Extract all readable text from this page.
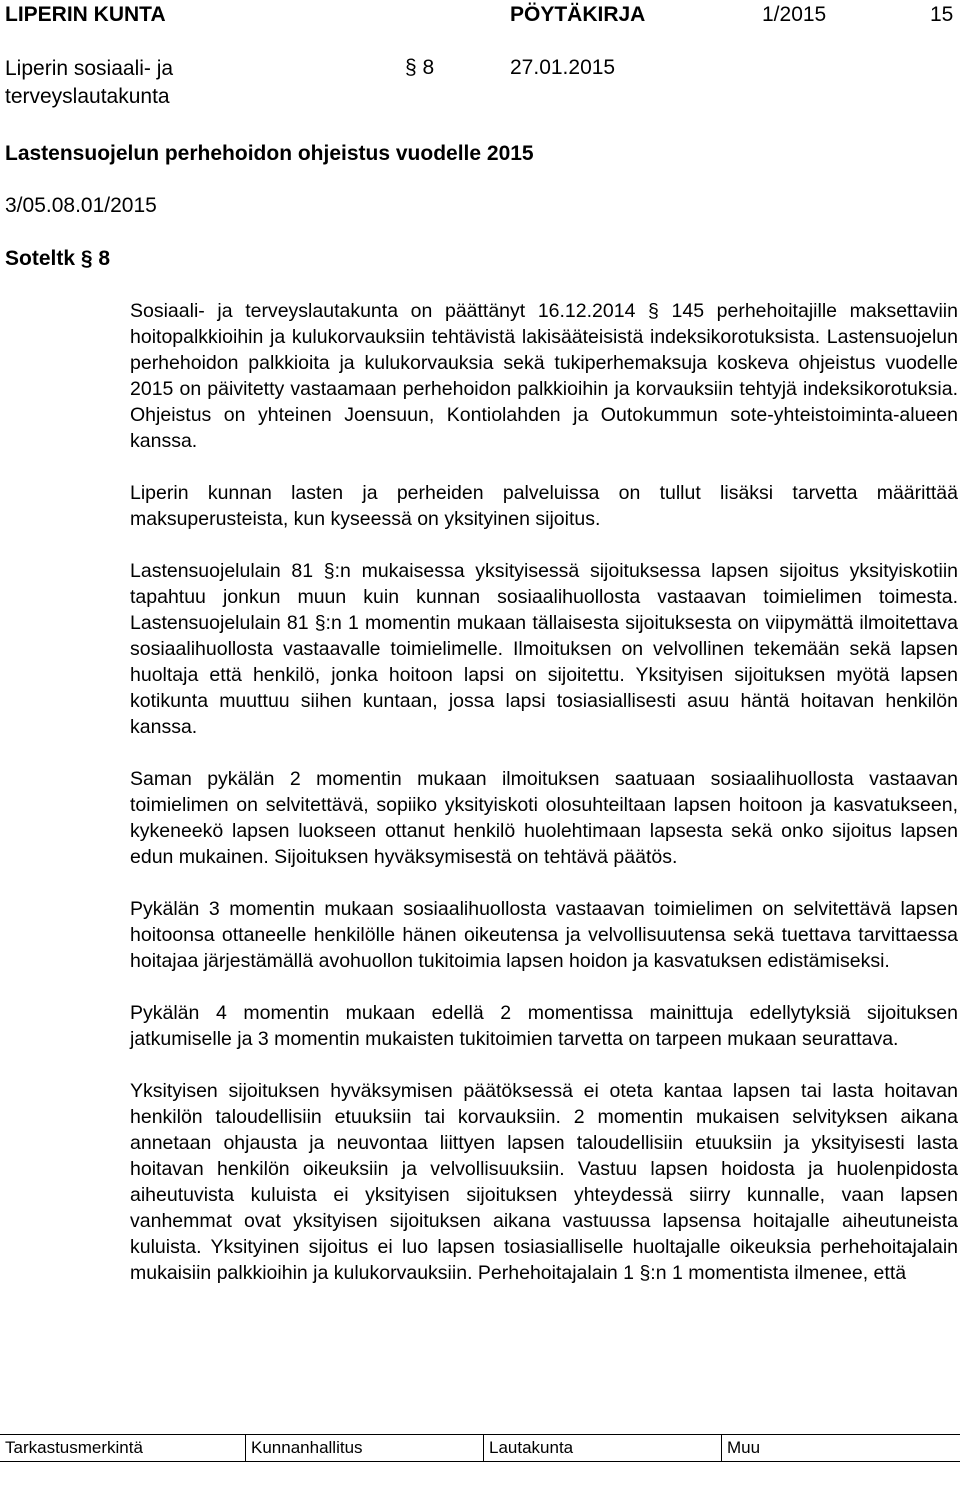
LIPERIN KUNTA	PÖYTÄKIRJA	1/2015	15
Liperin sosiaali- ja
terveyslautakunta
§ 8	27.01.2015
Lastensuojelun perhehoidon ohjeistus vuodelle 2015
3/05.08.01/2015
Soteltk § 8

Sosiaali- ja terveyslautakunta on päättänyt 16.12.2014 § 145 perhehoitajille maksettaviin hoitopalkkioihin ja kulukorvauksiin tehtävistä lakisääteisistä indeksikorotuksista. Lastensuojelun perhehoidon palkkioita ja kulukorvauksia sekä tukiperhemaksuja koskeva ohjeistus vuodelle 2015 on päivitetty vastaamaan perhehoidon palkkioihin ja korvauksiin tehtyjä indeksikorotuksia. Ohjeistus on yhteinen Joensuun, Kontiolahden ja Outokummun sote-yhteistoiminta-alueen kanssa.

Liperin kunnan lasten ja perheiden palveluissa on tullut lisäksi tarvetta määrittää maksuperusteista, kun kyseessä on yksityinen sijoitus.

Lastensuojelulain 81 §:n mukaisessa yksityisessä sijoituksessa lapsen sijoitus yksityiskotiin tapahtuu jonkun muun kuin kunnan sosiaalihuollosta vastaavan toimielimen toimesta. Lastensuojelulain 81 §:n 1 momentin mukaan tällaisesta sijoituksesta on viipymättä ilmoitettava sosiaalihuollosta vastaavalle toimielimelle. Ilmoituksen on velvollinen tekemään sekä lapsen huoltaja että henkilö, jonka hoitoon lapsi on sijoitettu. Yksityisen sijoituksen myötä lapsen kotikunta muuttuu siihen kuntaan, jossa lapsi tosiasiallisesti asuu häntä hoitavan henkilön kanssa.

Saman pykälän 2 momentin mukaan ilmoituksen saatuaan sosiaalihuollosta vastaavan toimielimen on selvitettävä, sopiiko yksityiskoti olosuhteiltaan lapsen hoitoon ja kasvatukseen, kykeneekö lapsen luokseen ottanut henkilö huolehtimaan lapsesta sekä onko sijoitus lapsen edun mukainen. Sijoituksen hyväksymisestä on tehtävä päätös.

Pykälän 3 momentin mukaan sosiaalihuollosta vastaavan toimielimen on selvitettävä lapsen hoitoonsa ottaneelle henkilölle hänen oikeutensa ja velvollisuutensa sekä tuettava tarvittaessa hoitajaa järjestämällä avohuollon tukitoimia lapsen hoidon ja kasvatuksen edistämiseksi.

Pykälän 4 momentin mukaan edellä 2 momentissa mainittuja edellytyksiä sijoituksen jatkumiselle ja 3 momentin mukaisten tukitoimien tarvetta on tarpeen mukaan seurattava.

Yksityisen sijoituksen hyväksymisen päätöksessä ei oteta kantaa lapsen tai lasta hoitavan henkilön taloudellisiin etuuksiin tai korvauksiin. 2 momentin mukaisen selvityksen aikana annetaan ohjausta ja neuvontaa liittyen lapsen taloudellisiin etuuksiin ja yksityisesti lasta hoitavan henkilön oikeuksiin ja velvollisuuksiin. Vastuu lapsen hoidosta ja huolenpidosta aiheutuvista kuluista ei yksityisen sijoituksen yhteydessä siirry kunnalle, vaan lapsen vanhemmat ovat yksityisen sijoituksen aikana vastuussa lapsensa hoitajalle aiheutuneista kuluista. Yksityinen sijoitus ei luo lapsen tosiasialliselle huoltajalle oikeuksia perhehoitajalain mukaisiin palkkioihin ja kulukorvauksiin. Perhehoitajalain 1 §:n 1 momentista ilmenee, että

Tarkastusmerkintä	Kunnanhallitus	Lautakunta	Muu
